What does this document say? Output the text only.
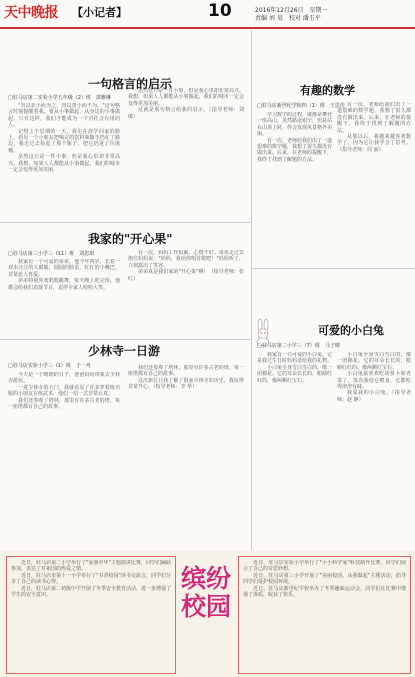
天中晚报 【小记者】	10	2016年12月26日　星期一
责编 刘 昊　校对 潘玉平
一句格言的启示
□驻马店第二实验小学五年级（2）班　郭雅琳

"勿以恶小而为之，勿以善小而不为。"这句格言时刻提醒着我，要从小事做起，从身边的小事做起。只有这样，我们才能成为一个对社会有用的人。

记得上个星期的一天，我走在放学回家的路上，看见一个小朋友把喝完的饮料瓶随手扔在了路边。我走过去捡起了那个瓶子，把它扔进了垃圾桶。

虽然这只是一件小事，但是我心里却非常高兴。我想，如果人人都能从小事做起，我们的城市一定会变得更加美丽。

虽然这只是一件小事，但是我心里却非常高兴。我想，如果人人都能从小事做起，我们的城市一定会变得更加美丽。

这就是那句格言给我的启示。（指导老师：刘 敏）

我家的"开心果"
□驻马店第三小学三（11）班　刘思琪

我家有一个可爱的弟弟，他今年四岁，长着一双水汪汪的大眼睛，圆圆的脸蛋，红红的小嘴巴，非常惹人喜爱。

弟弟特别喜欢唱歌跳舞，每天晚上吃完饭，他都会给我们表演节目，逗得全家人哈哈大笑。

有一次，妈妈工作很累，心情不好。弟弟走过去抱住妈妈说："妈妈，我给你唱首歌吧！"妈妈听了，立刻露出了笑容。

弟弟真是我们家的"开心果"啊！（指导老师：张 红）

少林寺一日游
□驻马店实验小学三（1）班　于一舟

今天是一个晴朗的日子，爸爸妈妈带我去少林寺游玩。

一进少林寺的大门，我就看见了许多穿着练功服的小朋友在练武术，他们一招一式非常认真。

我们还参观了塔林，那里有许多古老的塔，每一座塔都有自己的故事。

我们还参观了塔林，那里有许多古老的塔，每一座塔都有自己的故事。

这次旅行让我了解了很多少林寺的历史，我玩得非常开心。（指导老师：李 华）

有趣的数学
□驻马店新世纪学校四（1）班　王思佳

学习数学的过程，就像是攀登一座高山，虽然路途艰辛，但是站在山顶上时，你会发现风景格外美丽。

有一次，老师给我们出了一道很难的数学题，我想了很久都没有做出来。后来，在老师的提醒下，我终于找到了解题的方法。

有一次，老师给我们出了一道很难的数学题，我想了很久都没有做出来。后来，在老师的提醒下，我终于找到了解题的方法。

从那以后，我越来越喜欢数学了，因为它让我学会了思考。（指导老师：周 丽）

可爱的小白兔
□驻马店第二小学三（7）班　马子晴

我家有一只可爱的小白兔，它是我过生日时妈妈送给我的礼物。

小白兔全身雪白雪白的，像一团棉花。它的耳朵长长的，眼睛红红的，像两颗红宝石。

小白兔全身雪白雪白的，像一团棉花。它的耳朵长长的，眼睛红红的，像两颗红宝石。

小白兔最喜欢吃胡萝卜和青菜了，每次我给它喂食，它都吃得津津有味。

我爱我的小白兔。（指导老师：赵 静）

近日，驻马店第二小学举行了"爱我中华"主题演讲比赛，同学们踊跃参加，表达了对祖国的热爱之情。

近日，驻马店市第十一小学举行了"书香校园"读书交流会，同学们分享了自己的读书心得。

近日，驻马店第二初级中学开展了冬季安全教育活动，进一步增强了学生的安全意识。

缤纷校园

近日，驻马店实验小学举行了"小小科学家"科技制作比赛，同学们展示了自己的奇思妙想。

近日，驻马店第三小学开展了"美丽校园，从我做起"主题活动，倡导同学们爱护校园环境。

近日，驻马店新世纪学校举办了冬季趣味运动会，同学们在比赛中增强了体质，收获了快乐。
